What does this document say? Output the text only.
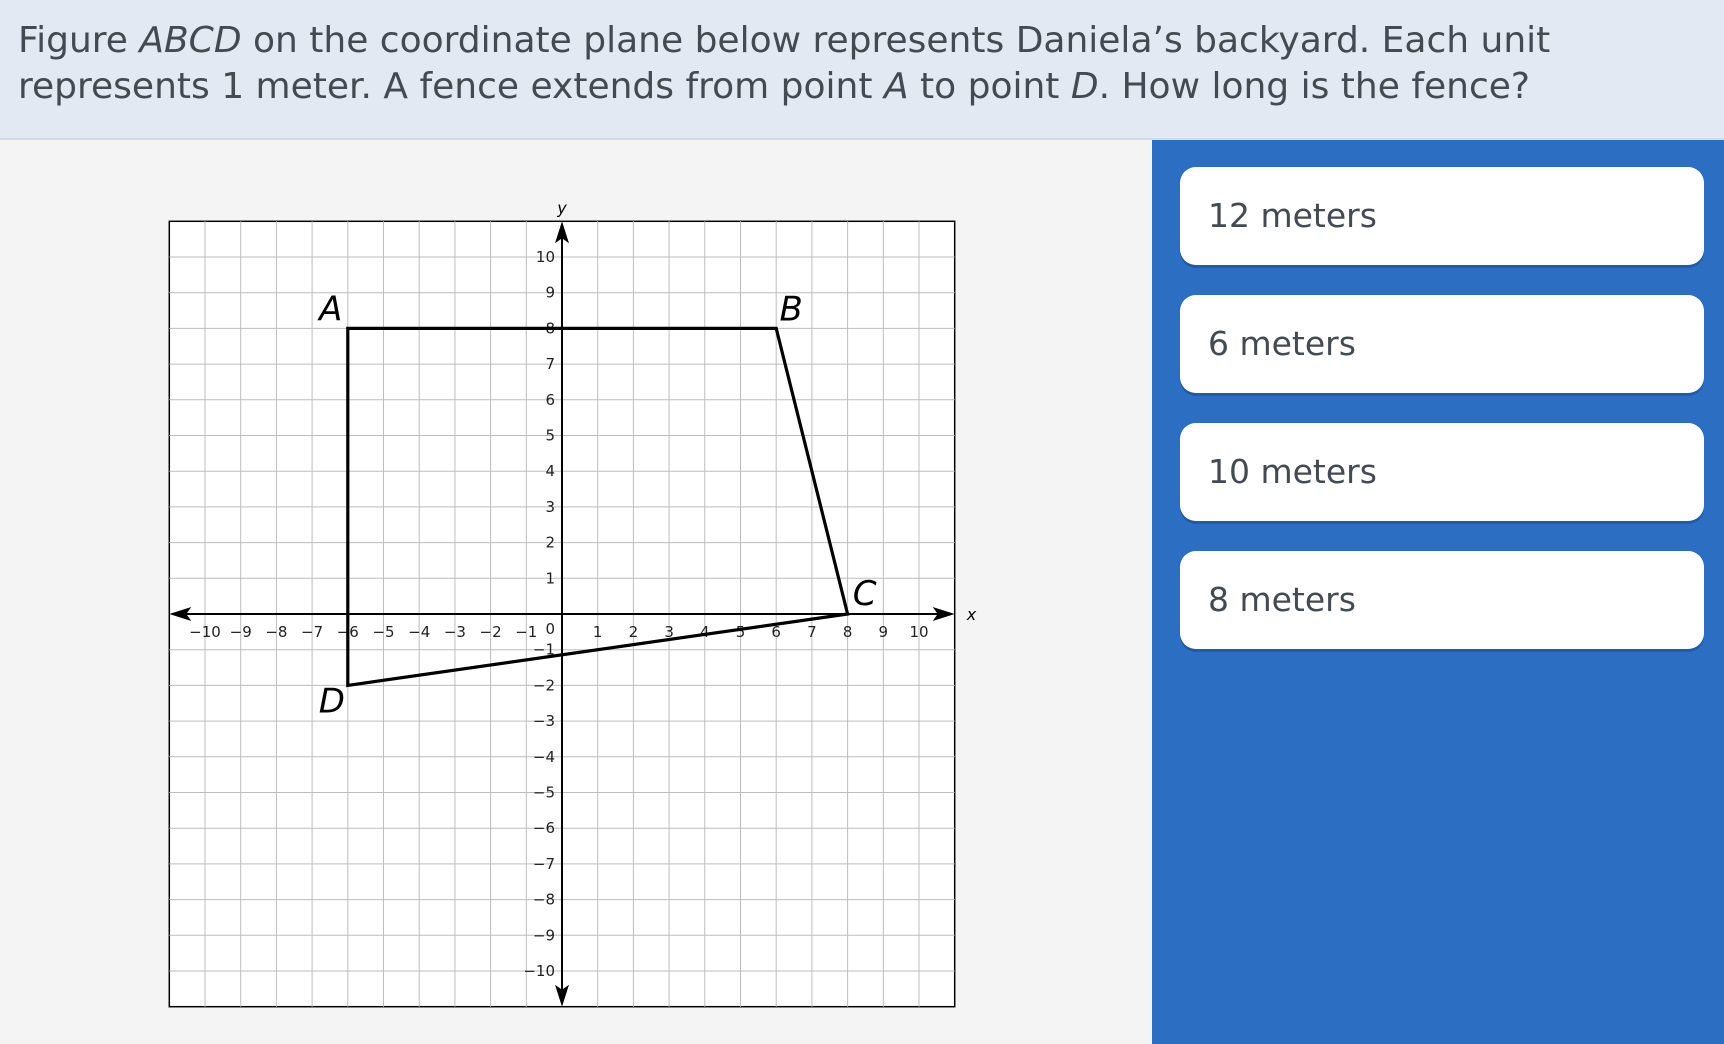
Figure ABCD on the coordinate plane below represents Daniela’s backyard. Each unit represents 1 meter. A fence extends from point A to point D. How long is the fence?

x
y
−10 −9 −8 −7 −6 −5 −4 −3 −2 −1	1 2 3 4 5 6 7 8 9 10
−10
−9
−8
−7
−6
−5
−4
−3
−2
−1
1
2
3
4
5
6
7
8
9
10
0
A	B
C
D
12 meters
6 meters
10 meters
8 meters
